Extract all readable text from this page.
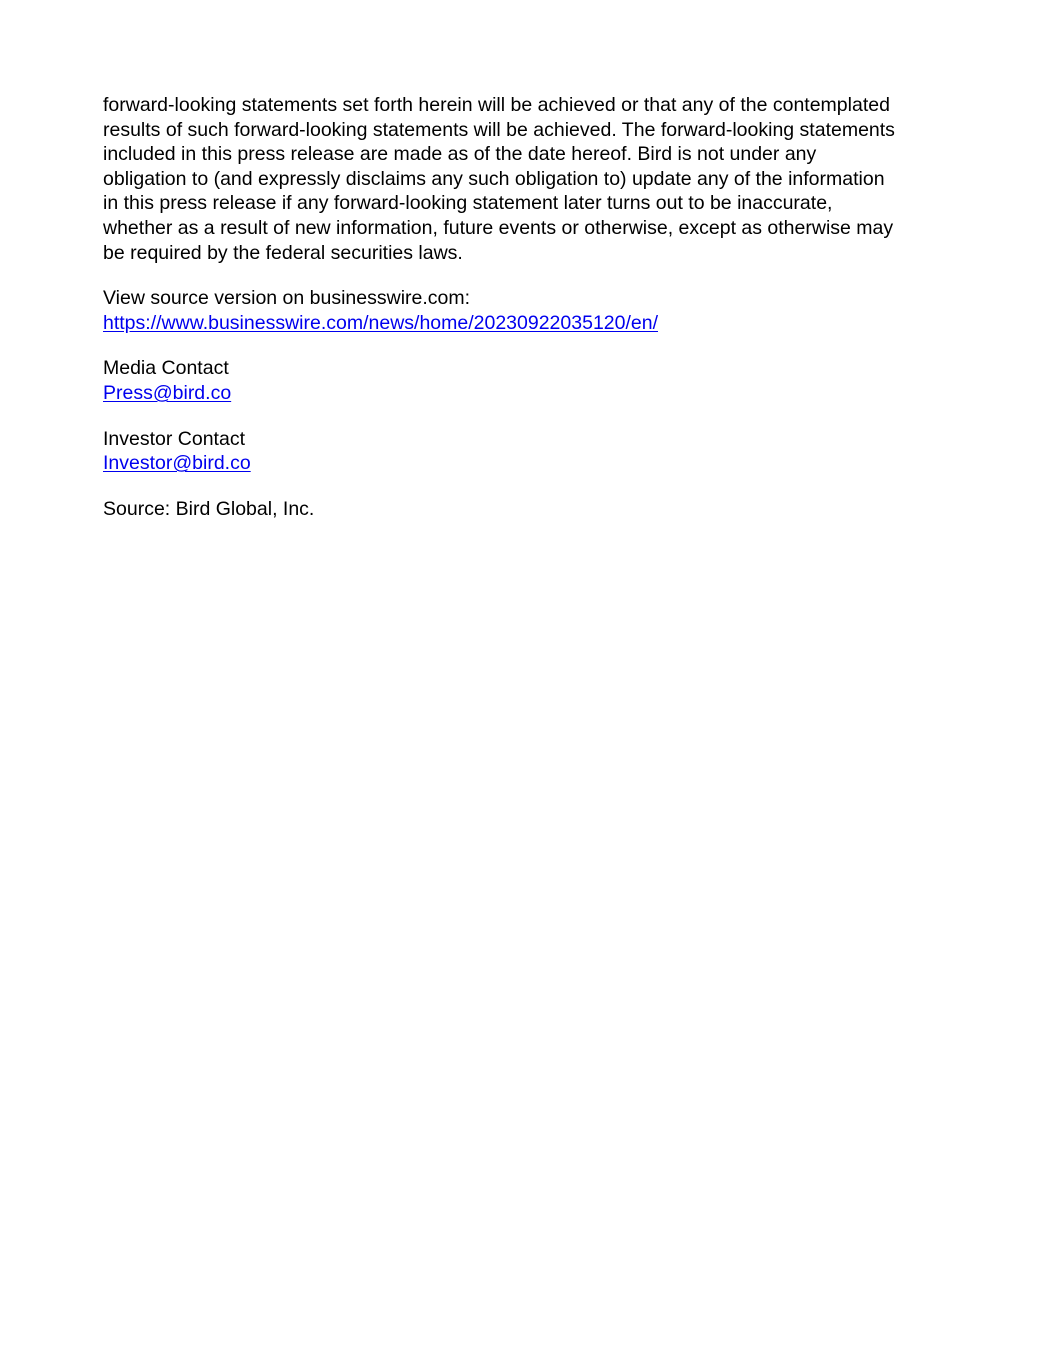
forward-looking statements set forth herein will be achieved or that any of the contemplated
results of such forward-looking statements will be achieved. The forward-looking statements
included in this press release are made as of the date hereof. Bird is not under any
obligation to (and expressly disclaims any such obligation to) update any of the information
in this press release if any forward-looking statement later turns out to be inaccurate,
whether as a result of new information, future events or otherwise, except as otherwise may
be required by the federal securities laws.

View source version on businesswire.com:
https://www.businesswire.com/news/home/20230922035120/en/

Media Contact
Press@bird.co

Investor Contact
Investor@bird.co

Source: Bird Global, Inc.
